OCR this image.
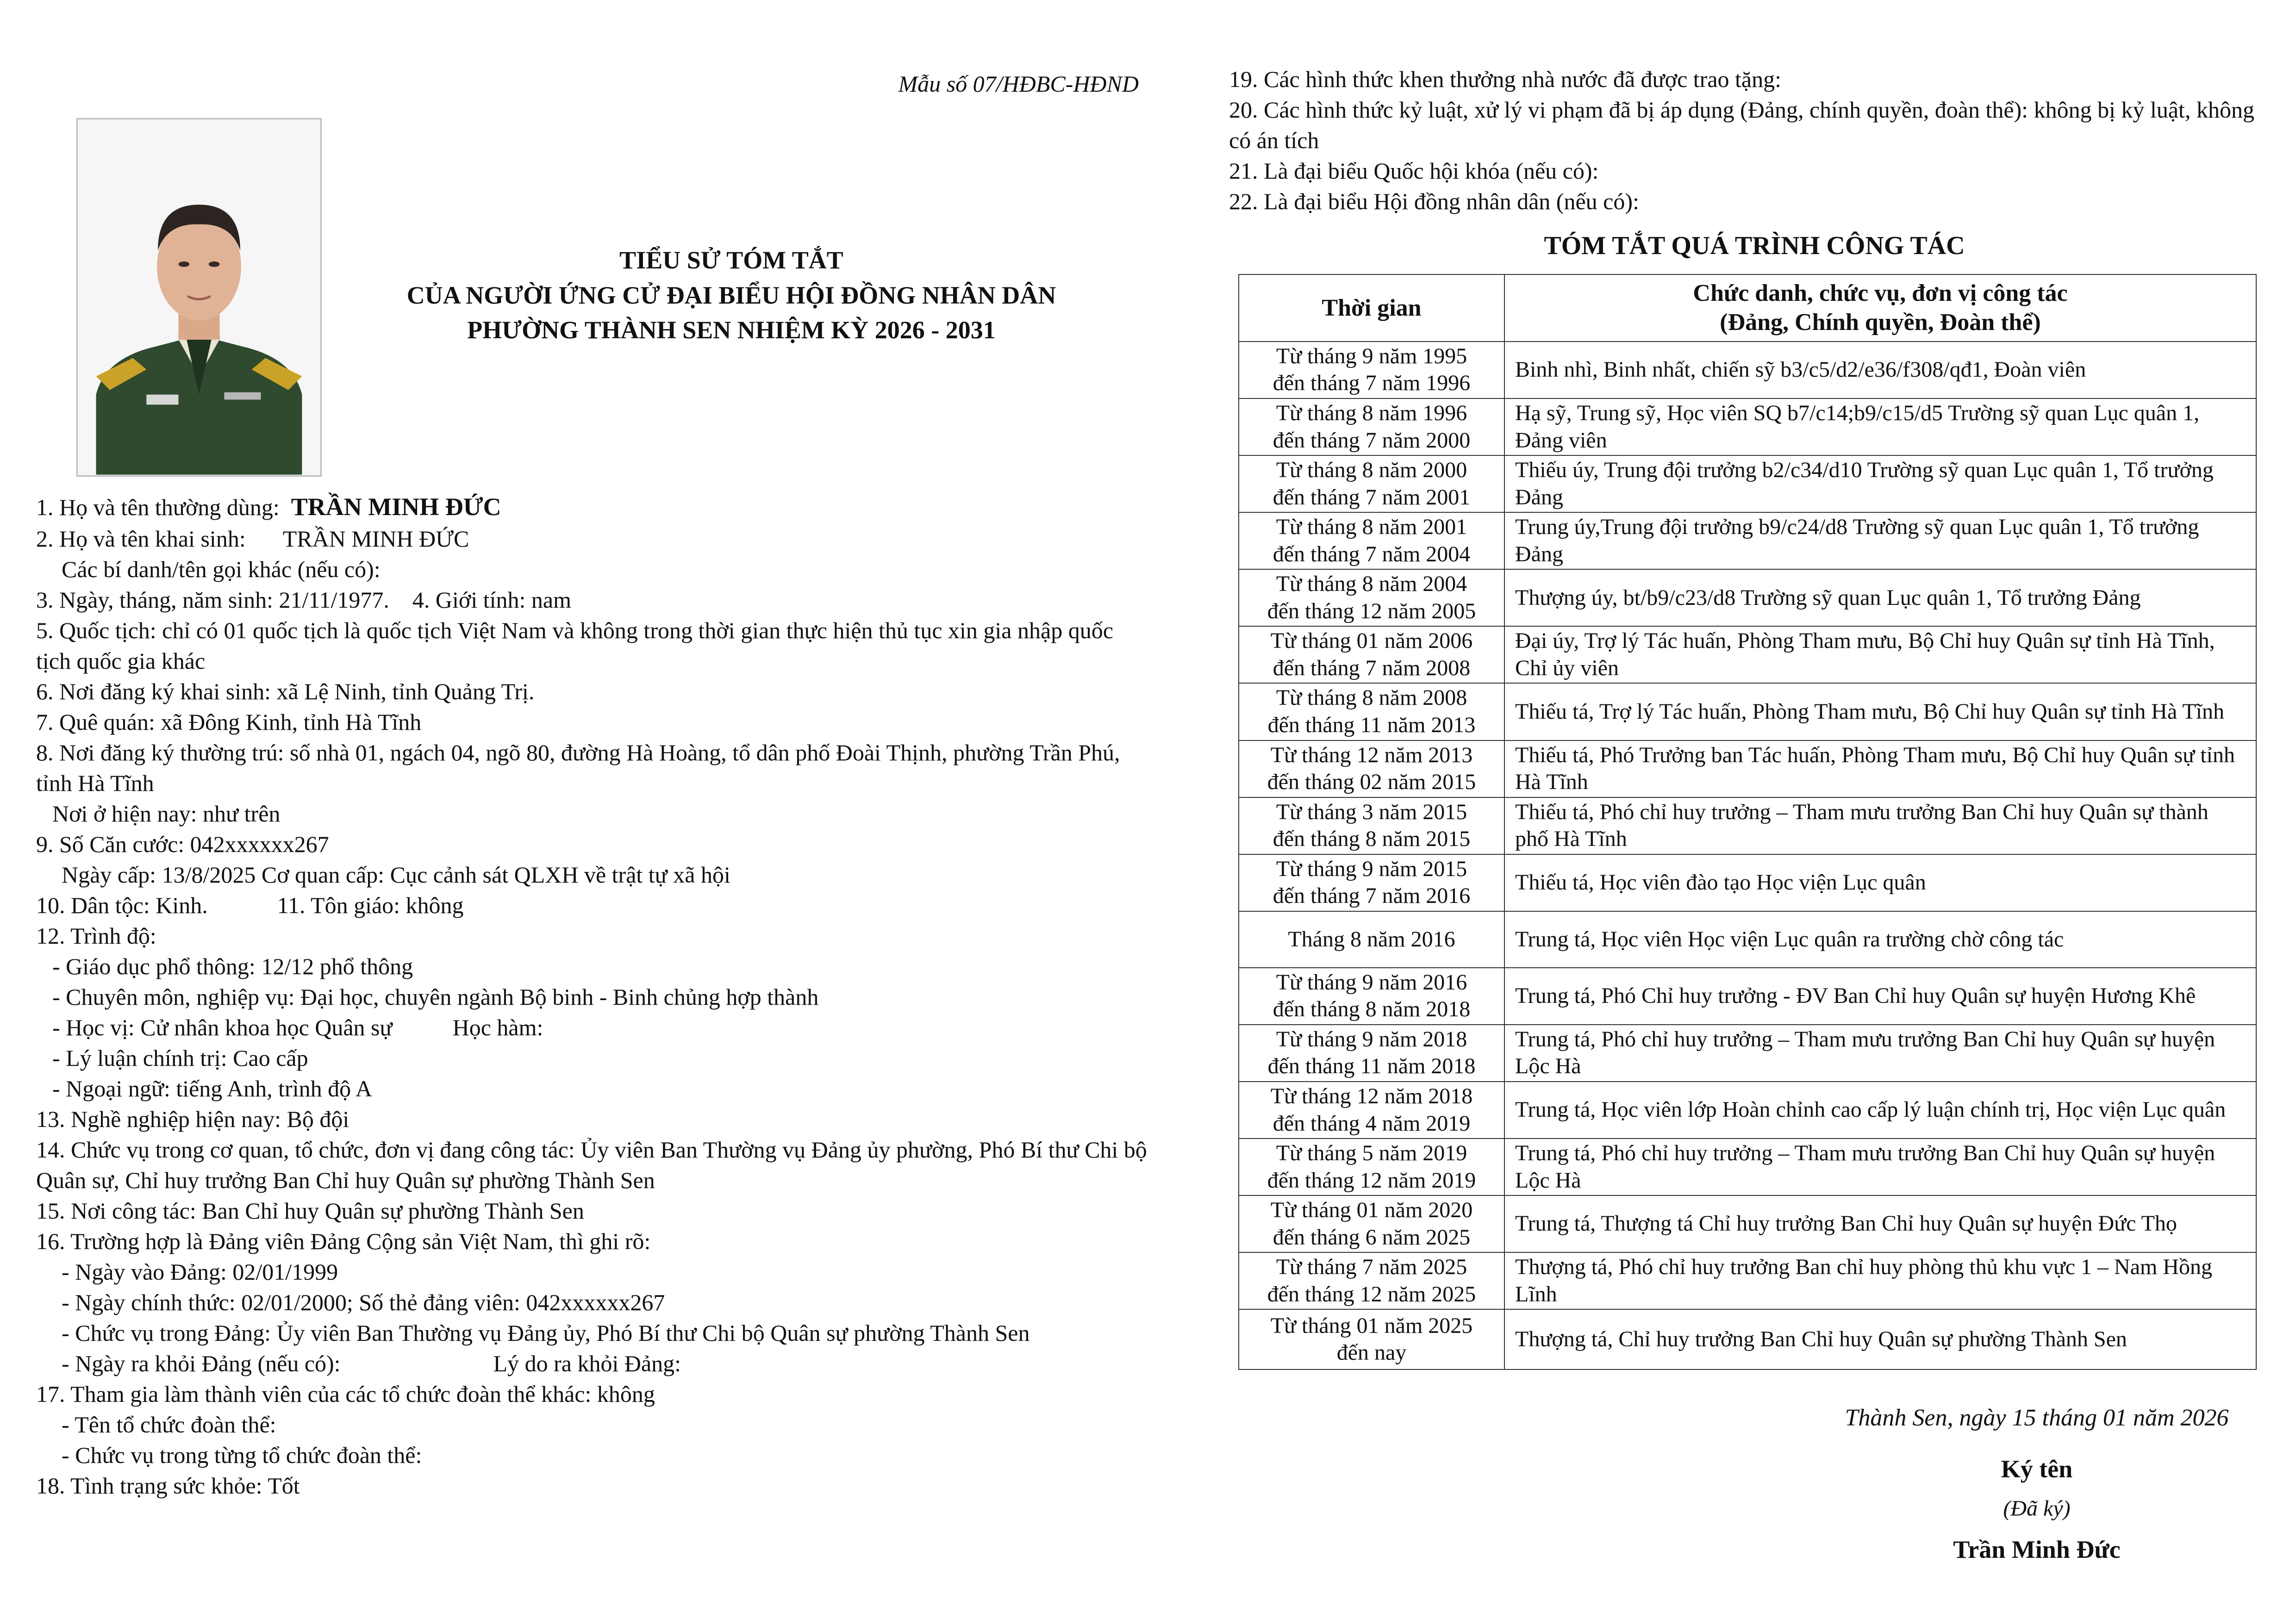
Mẫu số 07/HĐBC-HĐND
TIỂU SỬ TÓM TẮT
CỦA NGƯỜI ỨNG CỬ ĐẠI BIỂU HỘI ĐỒNG NHÂN DÂN
PHƯỜNG THÀNH SEN NHIỆM KỲ 2026 - 2031
1. Họ và tên thường dùng: TRẦN MINH ĐỨC
2. Họ và tên khai sinh: TRẦN MINH ĐỨC
Các bí danh/tên gọi khác (nếu có):
3. Ngày, tháng, năm sinh: 21/11/1977. 4. Giới tính: nam
5. Quốc tịch: chỉ có 01 quốc tịch là quốc tịch Việt Nam và không trong thời gian thực hiện thủ tục xin gia nhập quốc tịch quốc gia khác
6. Nơi đăng ký khai sinh: xã Lệ Ninh, tỉnh Quảng Trị.
7. Quê quán: xã Đông Kinh, tỉnh Hà Tĩnh
8. Nơi đăng ký thường trú: số nhà 01, ngách 04, ngõ 80, đường Hà Hoàng, tổ dân phố Đoài Thịnh, phường Trần Phú, tỉnh Hà Tĩnh
Nơi ở hiện nay: như trên
9. Số Căn cước: 042xxxxxx267
Ngày cấp: 13/8/2025 Cơ quan cấp: Cục cảnh sát QLXH về trật tự xã hội
10. Dân tộc: Kinh.	11. Tôn giáo: không
12. Trình độ:
- Giáo dục phổ thông: 12/12 phổ thông
- Chuyên môn, nghiệp vụ: Đại học, chuyên ngành Bộ binh - Binh chủng hợp thành
- Học vị: Cử nhân khoa học Quân sự	Học hàm:
- Lý luận chính trị: Cao cấp
- Ngoại ngữ: tiếng Anh, trình độ A
13. Nghề nghiệp hiện nay: Bộ đội
14. Chức vụ trong cơ quan, tổ chức, đơn vị đang công tác: Ủy viên Ban Thường vụ Đảng ủy phường, Phó Bí thư Chi bộ Quân sự, Chỉ huy trưởng Ban Chỉ huy Quân sự phường Thành Sen
15. Nơi công tác: Ban Chỉ huy Quân sự phường Thành Sen
16. Trường hợp là Đảng viên Đảng Cộng sản Việt Nam, thì ghi rõ:
- Ngày vào Đảng: 02/01/1999
- Ngày chính thức: 02/01/2000; Số thẻ đảng viên: 042xxxxxx267
- Chức vụ trong Đảng: Ủy viên Ban Thường vụ Đảng ủy, Phó Bí thư Chi bộ Quân sự phường Thành Sen
- Ngày ra khỏi Đảng (nếu có):	Lý do ra khỏi Đảng:
17. Tham gia làm thành viên của các tổ chức đoàn thể khác: không
- Tên tổ chức đoàn thể:
- Chức vụ trong từng tổ chức đoàn thể:
18. Tình trạng sức khỏe: Tốt
19. Các hình thức khen thưởng nhà nước đã được trao tặng:
20. Các hình thức kỷ luật, xử lý vi phạm đã bị áp dụng (Đảng, chính quyền, đoàn thể): không bị kỷ luật, không có án tích
21. Là đại biểu Quốc hội khóa (nếu có):
22. Là đại biểu Hội đồng nhân dân (nếu có):
TÓM TẮT QUÁ TRÌNH CÔNG TÁC
Thời gian	Chức danh, chức vụ, đơn vị công tác
(Đảng, Chính quyền, Đoàn thể)

Từ tháng 9 năm 1995
đến tháng 7 năm 1996	Binh nhì, Binh nhất, chiến sỹ b3/c5/d2/e36/f308/qđ1, Đoàn viên

Từ tháng 8 năm 1996
đến tháng 7 năm 2000	Hạ sỹ, Trung sỹ, Học viên SQ b7/c14;b9/c15/d5 Trường sỹ quan Lục quân 1, Đảng viên

Từ tháng 8 năm 2000
đến tháng 7 năm 2001	Thiếu úy, Trung đội trưởng b2/c34/d10 Trường sỹ quan Lục quân 1, Tổ trưởng Đảng

Từ tháng 8 năm 2001
đến tháng 7 năm 2004	Trung úy,Trung đội trưởng b9/c24/d8 Trường sỹ quan Lục quân 1, Tổ trưởng Đảng

Từ tháng 8 năm 2004
đến tháng 12 năm 2005	Thượng úy, bt/b9/c23/d8 Trường sỹ quan Lục quân 1, Tổ trưởng Đảng

Từ tháng 01 năm 2006
đến tháng 7 năm 2008	Đại úy, Trợ lý Tác huấn, Phòng Tham mưu, Bộ Chỉ huy Quân sự tỉnh Hà Tĩnh, Chỉ ủy viên

Từ tháng 8 năm 2008
đến tháng 11 năm 2013	Thiếu tá, Trợ lý Tác huấn, Phòng Tham mưu, Bộ Chỉ huy Quân sự tỉnh Hà Tĩnh

Từ tháng 12 năm 2013
đến tháng 02 năm 2015	Thiếu tá, Phó Trưởng ban Tác huấn, Phòng Tham mưu, Bộ Chỉ huy Quân sự tỉnh Hà Tĩnh

Từ tháng 3 năm 2015
đến tháng 8 năm 2015	Thiếu tá, Phó chỉ huy trưởng – Tham mưu trưởng Ban Chỉ huy Quân sự thành phố Hà Tĩnh

Từ tháng 9 năm 2015
đến tháng 7 năm 2016	Thiếu tá, Học viên đào tạo Học viện Lục quân

Tháng 8 năm 2016	Trung tá, Học viên Học viện Lục quân ra trường chờ công tác

Từ tháng 9 năm 2016
đến tháng 8 năm 2018	Trung tá, Phó Chỉ huy trưởng - ĐV Ban Chỉ huy Quân sự huyện Hương Khê

Từ tháng 9 năm 2018
đến tháng 11 năm 2018	Trung tá, Phó chỉ huy trưởng – Tham mưu trưởng Ban Chỉ huy Quân sự huyện Lộc Hà

Từ tháng 12 năm 2018
đến tháng 4 năm 2019	Trung tá, Học viên lớp Hoàn chỉnh cao cấp lý luận chính trị, Học viện Lục quân

Từ tháng 5 năm 2019
đến tháng 12 năm 2019	Trung tá, Phó chỉ huy trưởng – Tham mưu trưởng Ban Chỉ huy Quân sự huyện Lộc Hà

Từ tháng 01 năm 2020
đến tháng 6 năm 2025	Trung tá, Thượng tá Chỉ huy trưởng Ban Chỉ huy Quân sự huyện Đức Thọ

Từ tháng 7 năm 2025
đến tháng 12 năm 2025	Thượng tá, Phó chỉ huy trưởng Ban chỉ huy phòng thủ khu vực 1 – Nam Hồng Lĩnh

Từ tháng 01 năm 2025
đến nay	Thượng tá, Chỉ huy trưởng Ban Chỉ huy Quân sự phường Thành Sen
Thành Sen, ngày 15 tháng 01 năm 2026
Ký tên
(Đã ký)
Trần Minh Đức
